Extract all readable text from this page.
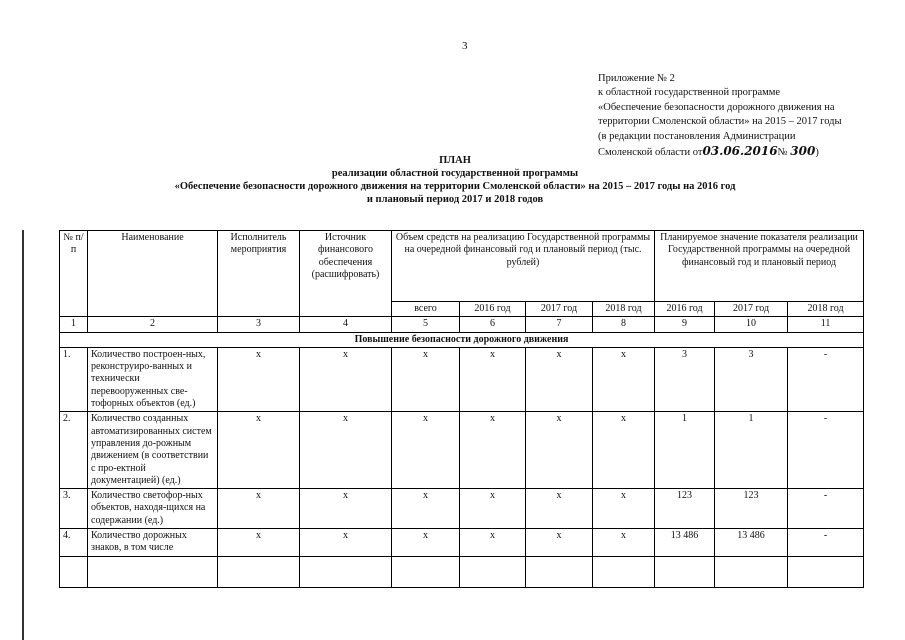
3
Приложение № 2
к областной государственной программе
«Обеспечение безопасности дорожного движения на
территории Смоленской области» на 2015 – 2017 годы
(в редакции постановления Администрации
Смоленской области от03.06.2016№ 300)
ПЛАН
реализации областной государственной программы
«Обеспечение безопасности дорожного движения на территории Смоленской области» на 2015 – 2017 годы на 2016 год
и плановый период 2017 и 2018 годов
№ п/п	Наименование	Исполнитель мероприятия	Источник финансового обеспечения (расшифровать)	Объем средств на реализацию Государственной программы на очередной финансовый год и плановый период (тыс. рублей)				Планируемое значение показателя реализации Государственной программы на очередной финансовый год и плановый период		
				всего	2016 год	2017 год	2018 год	2016 год	2017 год	2018 год
1	2	3	4	5	6	7	8	9	10	11
Повышение безопасности дорожного движения										
1.	Количество построен-ных, реконструиро-ванных и технически перевооруженных све-тофорных объектов (ед.)	х	х	х	х	х	х	3	3	-
2.	Количество созданных автоматизированных систем управления до-рожным движением (в соответствии с про-ектной документацией) (ед.)	х	х	х	х	х	х	1	1	-
3.	Количество светофор-ных объектов, находя-щихся на содержании (ед.)	х	х	х	х	х	х	123	123	-
4.	Количество дорожных знаков, в том числе	х	х	х	х	х	х	13 486	13 486	-
